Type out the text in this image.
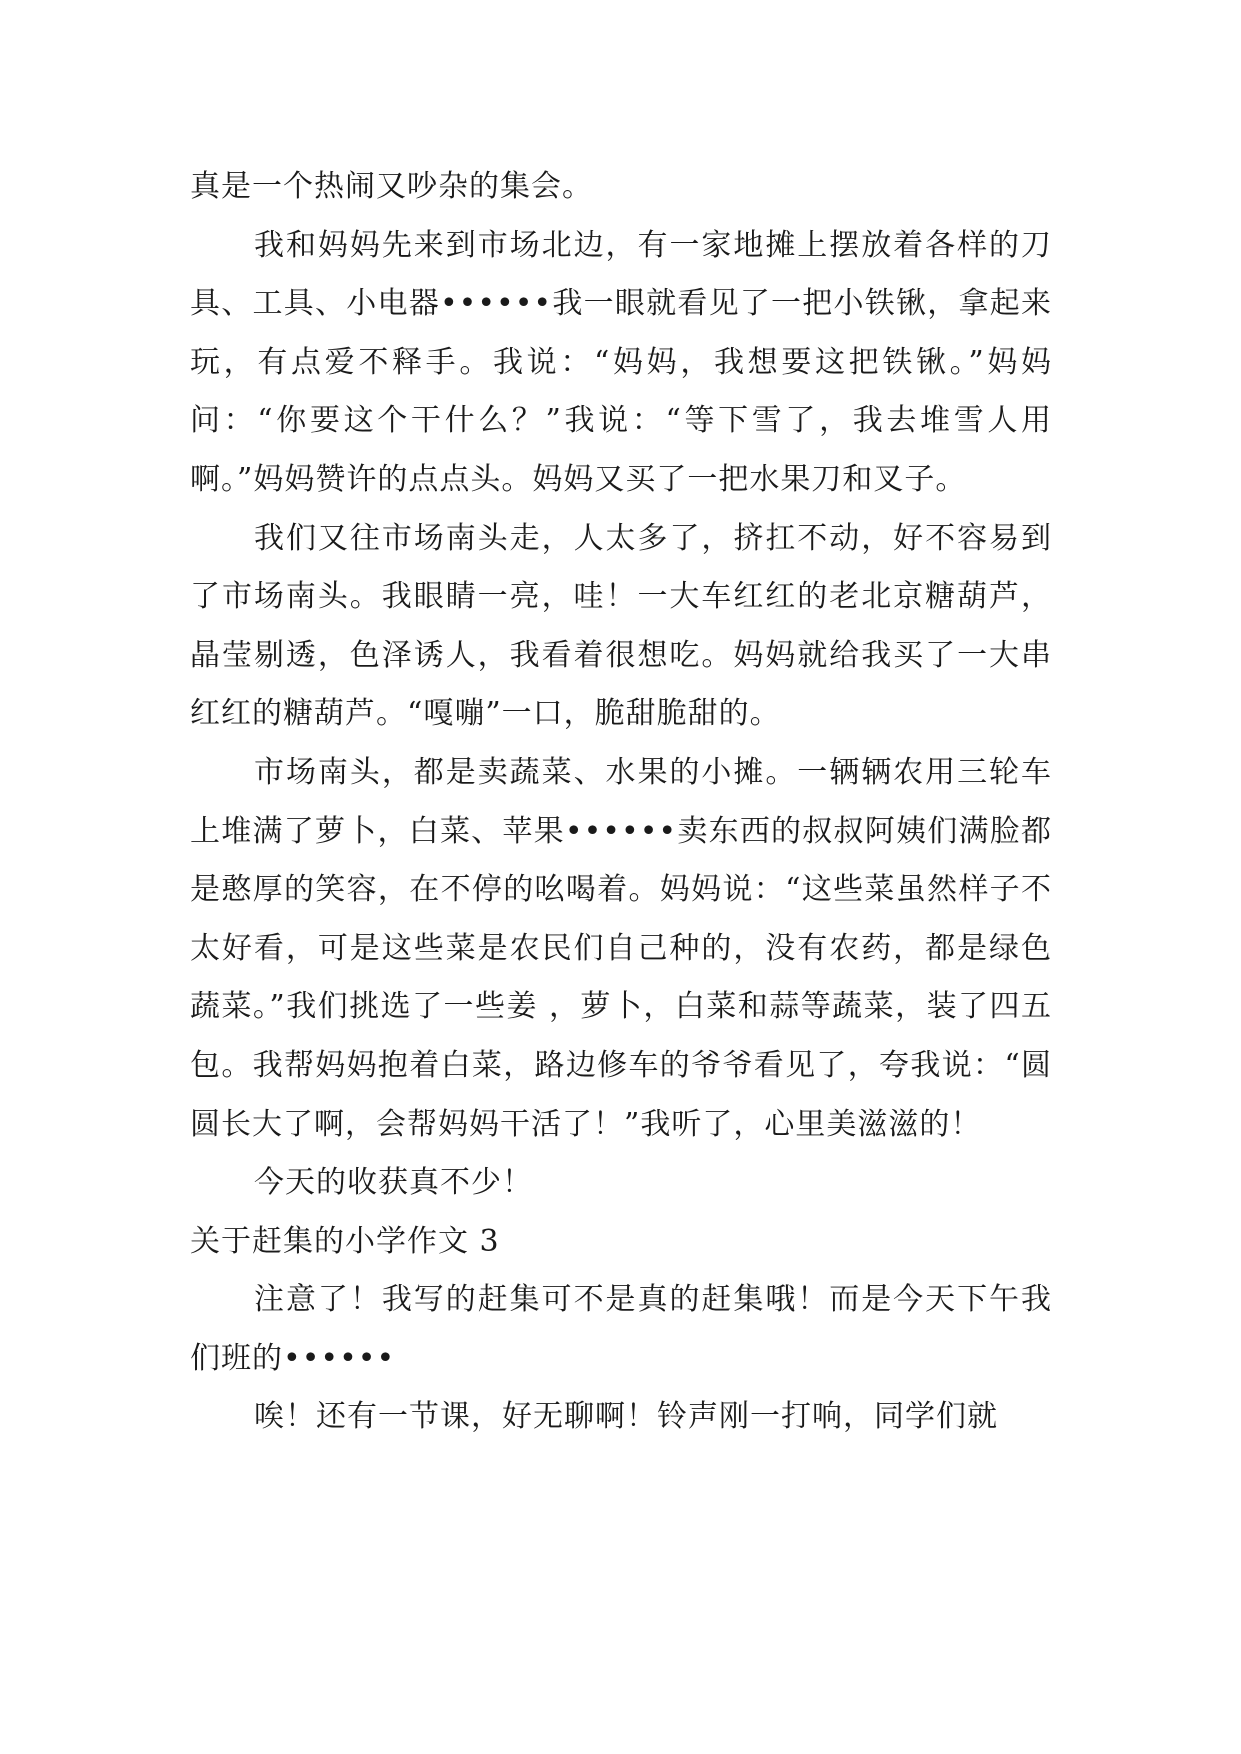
真是一个热闹又吵杂的集会。

我和妈妈先来到市场北边，有一家地摊上摆放着各样的刀具、工具、小电器••••••我一眼就看见了一把小铁锹，拿起来玩，有点爱不释手。我说：“妈妈，我想要这把铁锹。”妈妈问：“你要这个干什么？”我说：“等下雪了，我去堆雪人用啊。”妈妈赞许的点点头。妈妈又买了一把水果刀和叉子。

我们又往市场南头走，人太多了，挤扛不动，好不容易到了市场南头。我眼睛一亮，哇！一大车红红的老北京糖葫芦，晶莹剔透，色泽诱人，我看着很想吃。妈妈就给我买了一大串红红的糖葫芦。“嘎嘣”一口，脆甜脆甜的。

市场南头，都是卖蔬菜、水果的小摊。一辆辆农用三轮车上堆满了萝卜，白菜、苹果••••••卖东西的叔叔阿姨们满脸都是憨厚的笑容，在不停的吆喝着。妈妈说：“这些菜虽然样子不太好看，可是这些菜是农民们自己种的，没有农药，都是绿色蔬菜。”我们挑选了一些姜 ，萝卜，白菜和蒜等蔬菜，装了四五包。我帮妈妈抱着白菜，路边修车的爷爷看见了，夸我说：“圆圆长大了啊，会帮妈妈干活了！”我听了，心里美滋滋的！

今天的收获真不少！

关于赶集的小学作文 3

注意了！我写的赶集可不是真的赶集哦！而是今天下午我们班的••••••

唉！还有一节课，好无聊啊！铃声刚一打响，同学们就
